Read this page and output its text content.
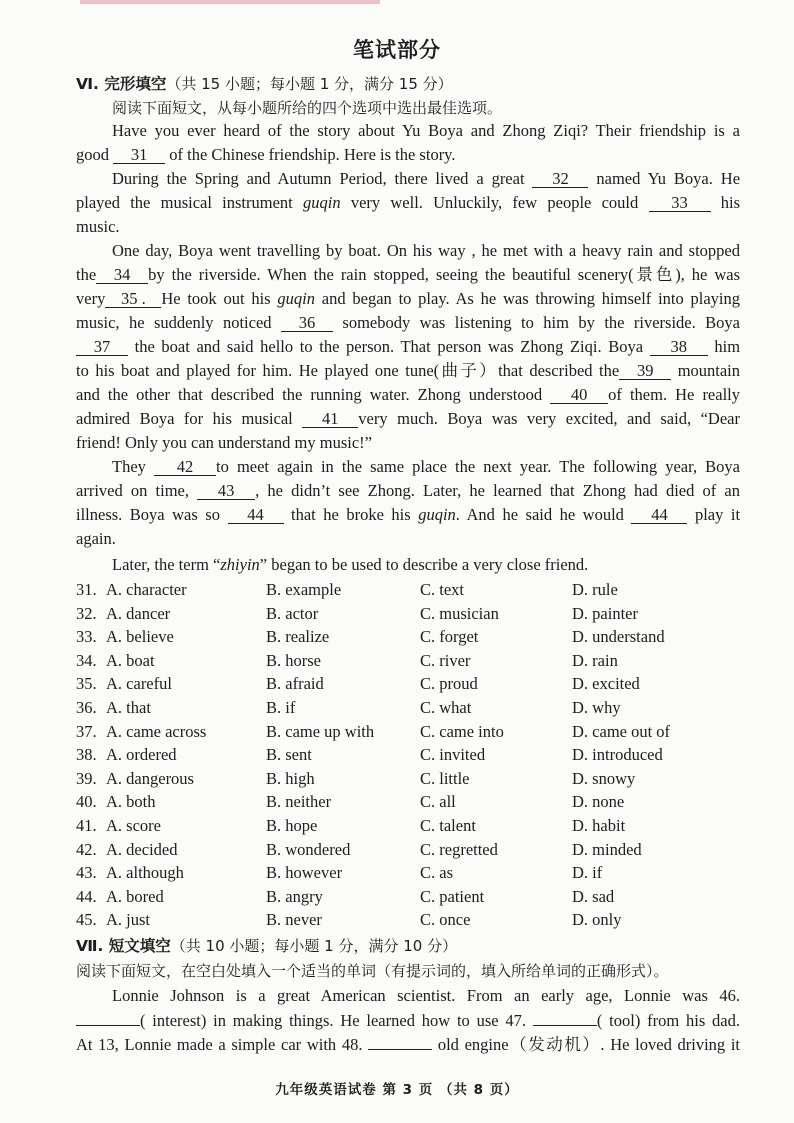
笔试部分
Ⅵ. 完形填空（共 15 小题；每小题 1 分，满分 15 分）
阅读下面短文，从每小题所给的四个选项中选出最佳选项。
Have you ever heard of the story about Yu Boya and Zhong Ziqi? Their friendship is a
good 31 of the Chinese friendship. Here is the story.
During the Spring and Autumn Period, there lived a great 32 named Yu Boya. He
played the musical instrument guqin very well. Unluckily, few people could 33 his
music.
One day, Boya went travelling by boat. On his way , he met with a heavy rain and stopped
the 34 by the riverside. When the rain stopped, seeing the beautiful scenery(景色), he was
very 35 . He took out his guqin and began to play. As he was throwing himself into playing
music, he suddenly noticed 36 somebody was listening to him by the riverside. Boya
37 the boat and said hello to the person. That person was Zhong Ziqi. Boya 38 him
to his boat and played for him. He played one tune(曲子）that described the 39 mountain
and the other that described the running water. Zhong understood 40 of them. He really
admired Boya for his musical 41 very much. Boya was very excited, and said, “Dear
friend! Only you can understand my music!”
They 42 to meet again in the same place the next year. The following year, Boya
arrived on time, 43 , he didn’t see Zhong. Later, he learned that Zhong had died of an
illness. Boya was so 44 that he broke his guqin. And he said he would 44 play it
again.
Later, the term “zhiyin” began to be used to describe a very close friend.
31. A. character	B. example	C. text	D. rule
32. A. dancer	B. actor	C. musician	D. painter
33. A. believe	B. realize	C. forget	D. understand
34. A. boat	B. horse	C. river	D. rain
35. A. careful	B. afraid	C. proud	D. excited
36. A. that	B. if	C. what	D. why
37. A. came across	B. came up with	C. came into	D. came out of
38. A. ordered	B. sent	C. invited	D. introduced
39. A. dangerous	B. high	C. little	D. snowy
40. A. both	B. neither	C. all	D. none
41. A. score	B. hope	C. talent	D. habit
42. A. decided	B. wondered	C. regretted	D. minded
43. A. although	B. however	C. as	D. if
44. A. bored	B. angry	C. patient	D. sad
45. A. just	B. never	C. once	D. only
Ⅶ. 短文填空（共 10 小题；每小题 1 分，满分 10 分）
阅读下面短文，在空白处填入一个适当的单词（有提示词的，填入所给单词的正确形式）。
Lonnie Johnson is a great American scientist. From an early age, Lonnie was 46.
( interest) in making things. He learned how to use 47.	( tool) from his dad.
At 13, Lonnie made a simple car with 48.	old engine（发动机）. He loved driving it
九年级英语试卷 第 3 页 （共 8 页）
